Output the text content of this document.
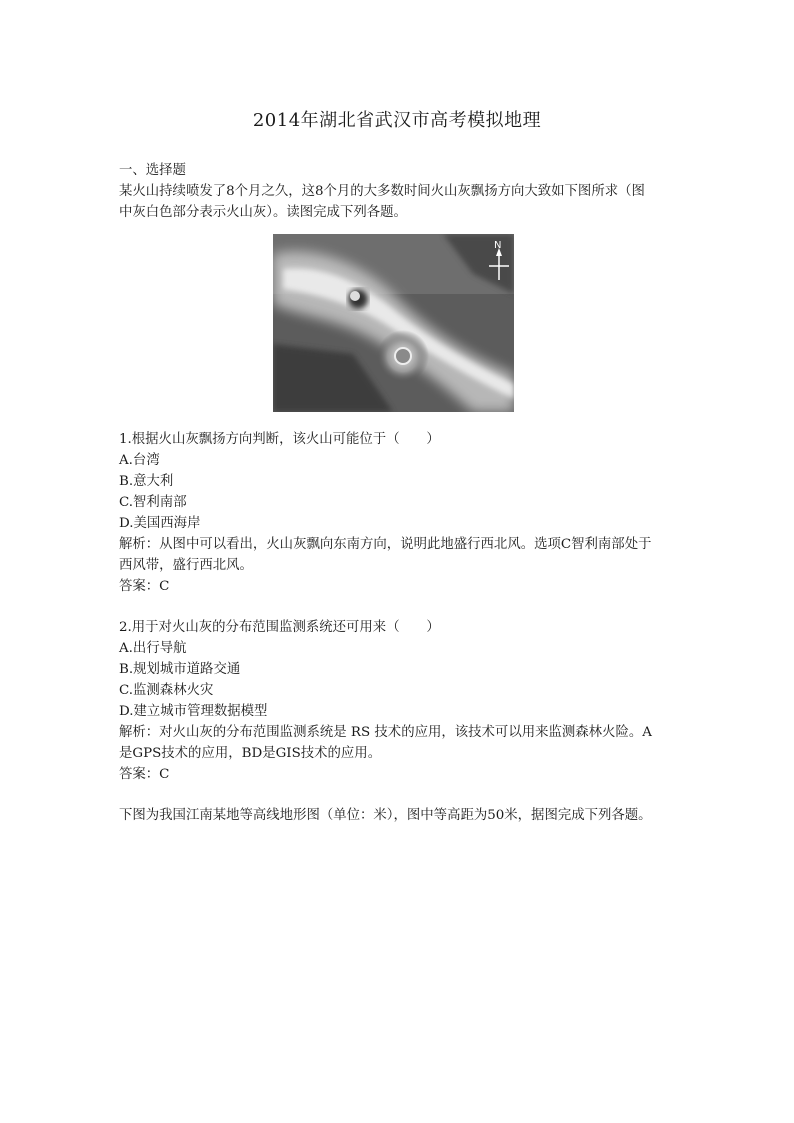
2014年湖北省武汉市高考模拟地理
一、选择题
某火山持续喷发了8个月之久，这8个月的大多数时间火山灰飘扬方向大致如下图所求（图
中灰白色部分表示火山灰）。读图完成下列各题。
N
1.根据火山灰飘扬方向判断，该火山可能位于（　　）
A.台湾
B.意大利
C.智利南部
D.美国西海岸
解析：从图中可以看出，火山灰飘向东南方向，说明此地盛行西北风。选项C智利南部处于
西风带，盛行西北风。
答案：C
2.用于对火山灰的分布范围监测系统还可用来（　　）
A.出行导航
B.规划城市道路交通
C.监测森林火灾
D.建立城市管理数据模型
解析：对火山灰的分布范围监测系统是 RS 技术的应用，该技术可以用来监测森林火险。A
是GPS技术的应用，BD是GIS技术的应用。
答案：C
下图为我国江南某地等高线地形图（单位：米），图中等高距为50米，据图完成下列各题。
